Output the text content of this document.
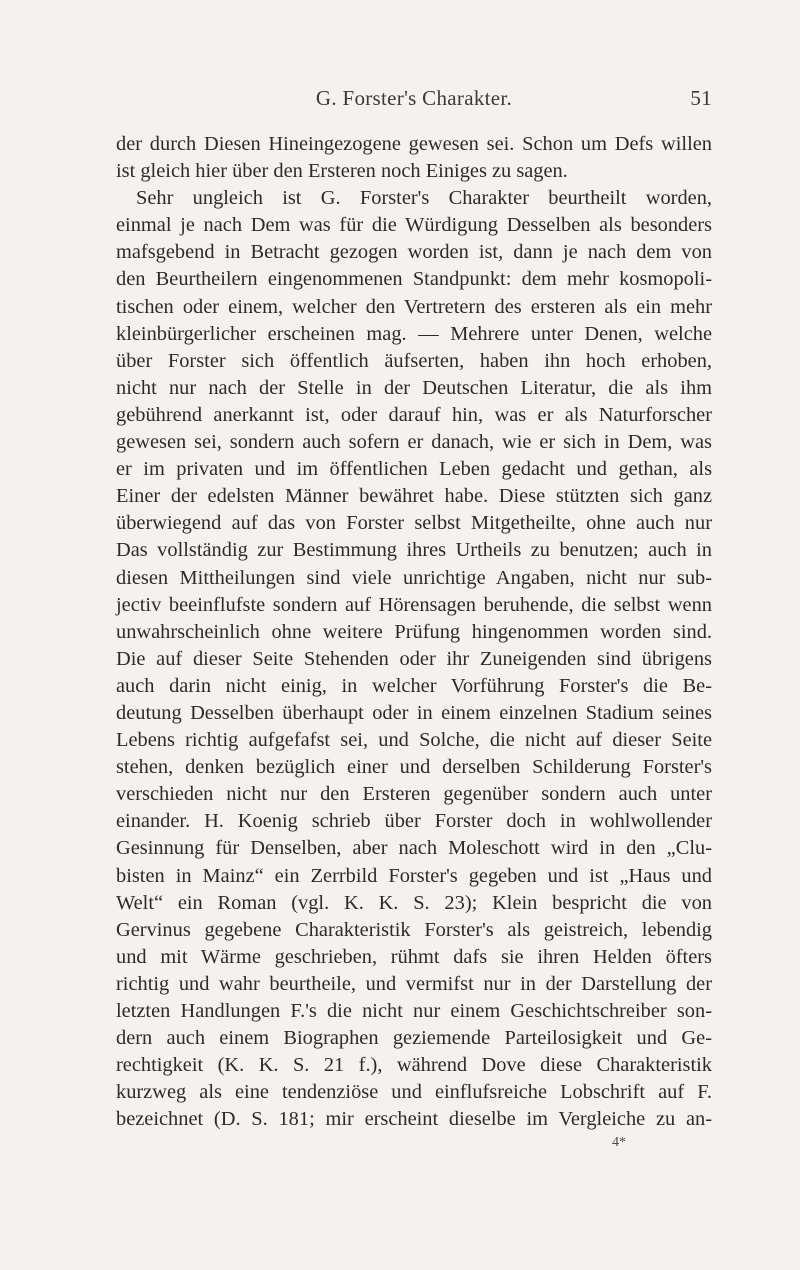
G. Forster's Charakter.	51
der durch Diesen Hineingezogene gewesen sei. Schon um Defs willen
ist gleich hier über den Ersteren noch Einiges zu sagen.
Sehr ungleich ist G. Forster's Charakter beurtheilt worden,
einmal je nach Dem was für die Würdigung Desselben als besonders
mafsgebend in Betracht gezogen worden ist, dann je nach dem von
den Beurtheilern eingenommenen Standpunkt: dem mehr kosmopoli-
tischen oder einem, welcher den Vertretern des ersteren als ein mehr
kleinbürgerlicher erscheinen mag. — Mehrere unter Denen, welche
über Forster sich öffentlich äufserten, haben ihn hoch erhoben,
nicht nur nach der Stelle in der Deutschen Literatur, die als ihm
gebührend anerkannt ist, oder darauf hin, was er als Naturforscher
gewesen sei, sondern auch sofern er danach, wie er sich in Dem, was
er im privaten und im öffentlichen Leben gedacht und gethan, als
Einer der edelsten Männer bewähret habe. Diese stützten sich ganz
überwiegend auf das von Forster selbst Mitgetheilte, ohne auch nur
Das vollständig zur Bestimmung ihres Urtheils zu benutzen; auch in
diesen Mittheilungen sind viele unrichtige Angaben, nicht nur sub-
jectiv beeinflufste sondern auf Hörensagen beruhende, die selbst wenn
unwahrscheinlich ohne weitere Prüfung hingenommen worden sind.
Die auf dieser Seite Stehenden oder ihr Zuneigenden sind übrigens
auch darin nicht einig, in welcher Vorführung Forster's die Be-
deutung Desselben überhaupt oder in einem einzelnen Stadium seines
Lebens richtig aufgefafst sei, und Solche, die nicht auf dieser Seite
stehen, denken bezüglich einer und derselben Schilderung Forster's
verschieden nicht nur den Ersteren gegenüber sondern auch unter
einander. H. Koenig schrieb über Forster doch in wohlwollender
Gesinnung für Denselben, aber nach Moleschott wird in den „Clu-
bisten in Mainz“ ein Zerrbild Forster's gegeben und ist „Haus und
Welt“ ein Roman (vgl. K. K. S. 23); Klein bespricht die von
Gervinus gegebene Charakteristik Forster's als geistreich, lebendig
und mit Wärme geschrieben, rühmt dafs sie ihren Helden öfters
richtig und wahr beurtheile, und vermifst nur in der Darstellung der
letzten Handlungen F.'s die nicht nur einem Geschichtschreiber son-
dern auch einem Biographen geziemende Parteilosigkeit und Ge-
rechtigkeit (K. K. S. 21 f.), während Dove diese Charakteristik
kurzweg als eine tendenziöse und einflufsreiche Lobschrift auf F.
bezeichnet (D. S. 181; mir erscheint dieselbe im Vergleiche zu an-
4*
